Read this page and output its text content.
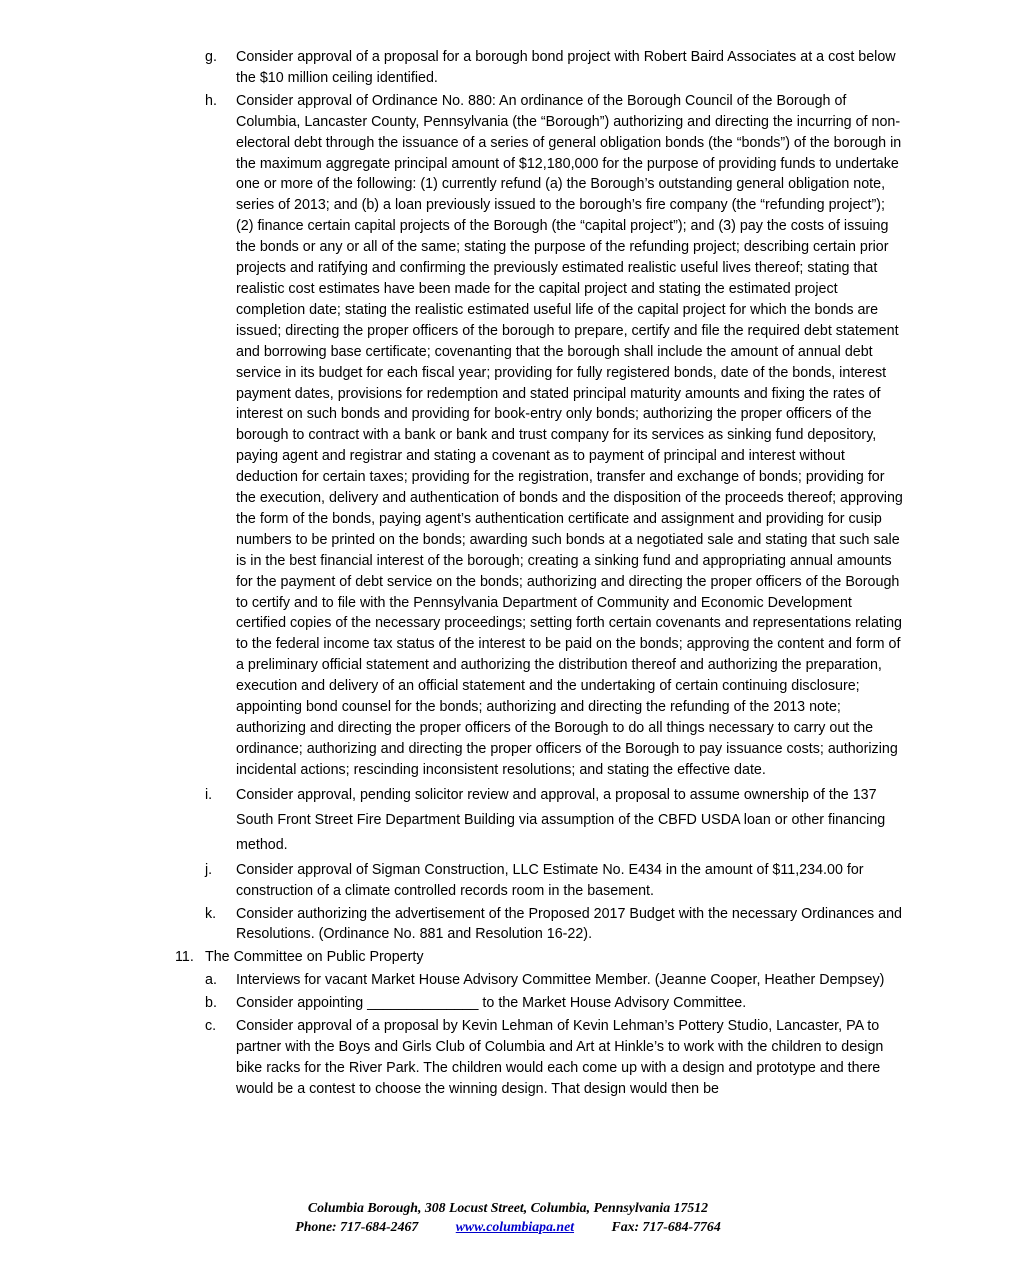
g.	Consider approval of a proposal for a borough bond project with Robert Baird Associates at a cost below the $10 million ceiling identified.
h.	Consider approval of Ordinance No. 880: An ordinance of the Borough Council of the Borough of Columbia, Lancaster County, Pennsylvania (the “Borough”) authorizing and directing the incurring of non-electoral debt through the issuance of a series of general obligation bonds (the “bonds”) of the borough in the maximum aggregate principal amount of $12,180,000 for the purpose of providing funds to undertake one or more of the following: (1) currently refund (a) the Borough’s outstanding general obligation note, series of 2013; and (b) a loan previously issued to the borough’s fire company (the “refunding project”); (2) finance certain capital projects of the Borough (the “capital project”); and (3) pay the costs of issuing the bonds or any or all of the same; stating the purpose of the refunding project; describing certain prior projects and ratifying and confirming the previously estimated realistic useful lives thereof; stating that realistic cost estimates have been made for the capital project and stating the estimated project completion date; stating the realistic estimated useful life of the capital project for which the bonds are issued; directing the proper officers of the borough to prepare, certify and file the required debt statement and borrowing base certificate; covenanting that the borough shall include the amount of annual debt service in its budget for each fiscal year; providing for fully registered bonds, date of the bonds, interest payment dates, provisions for redemption and stated principal maturity amounts and fixing the rates of interest on such bonds and providing for book-entry only bonds; authorizing the proper officers of the borough to contract with a bank or bank and trust company for its services as sinking fund depository, paying agent and registrar and stating a covenant as to payment of principal and interest without deduction for certain taxes; providing for the registration, transfer and exchange of bonds; providing for the execution, delivery and authentication of bonds and the disposition of the proceeds thereof; approving the form of the bonds, paying agent’s authentication certificate and assignment and providing for cusip numbers to be printed on the bonds; awarding such bonds at a negotiated sale and stating that such sale is in the best financial interest of the borough; creating a sinking fund and appropriating annual amounts for the payment of debt service on the bonds; authorizing and directing the proper officers of the Borough to certify and to file with the Pennsylvania Department of Community and Economic Development certified copies of the necessary proceedings; setting forth certain covenants and representations relating to the federal income tax status of the interest to be paid on the bonds; approving the content and form of a preliminary official statement and authorizing the distribution thereof and authorizing the preparation, execution and delivery of an official statement and the undertaking of certain continuing disclosure; appointing bond counsel for the bonds; authorizing and directing the refunding of the 2013 note; authorizing and directing the proper officers of the Borough to do all things necessary to carry out the ordinance; authorizing and directing the proper officers of the Borough to pay issuance costs; authorizing incidental actions; rescinding inconsistent resolutions; and stating the effective date.
i.	Consider approval, pending solicitor review and approval, a proposal to assume ownership of the 137 South Front Street Fire Department Building via assumption of the CBFD USDA loan or other financing method.
j.	Consider approval of Sigman Construction, LLC Estimate No. E434 in the amount of $11,234.00 for construction of a climate controlled records room in the basement.
k.	Consider authorizing the advertisement of the Proposed 2017 Budget with the necessary Ordinances and Resolutions. (Ordinance No. 881 and Resolution 16-22).
11. The Committee on Public Property
a.	Interviews for vacant Market House Advisory Committee Member. (Jeanne Cooper, Heather Dempsey)
b.	Consider appointing ______________ to the Market House Advisory Committee.
c.	Consider approval of a proposal by Kevin Lehman of Kevin Lehman’s Pottery Studio, Lancaster, PA to partner with the Boys and Girls Club of Columbia and Art at Hinkle’s to work with the children to design bike racks for the River Park. The children would each come up with a design and prototype and there would be a contest to choose the winning design. That design would then be
Columbia Borough, 308 Locust Street, Columbia, Pennsylvania 17512
Phone: 717-684-2467	www.columbiapa.net	Fax: 717-684-7764
